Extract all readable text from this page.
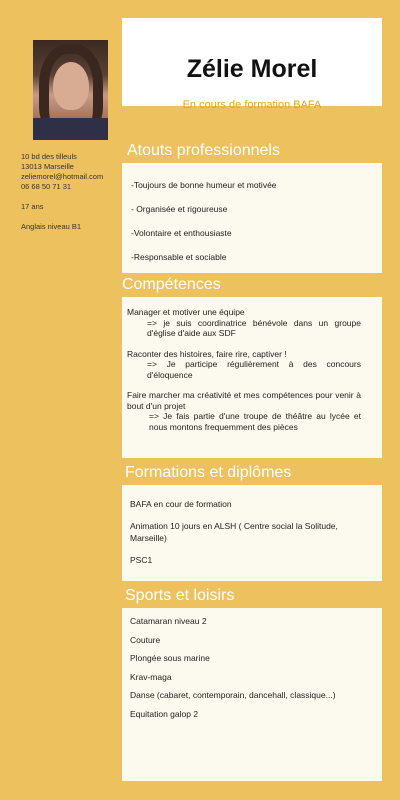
10 bd des tilleuls
13013 Marseille
zeliemorel@hotmail.com
06 68 50 71 31
17 ans
Anglais niveau B1
Zélie Morel
En cours de formation BAFA
Atouts professionnels

-Toujours de bonne humeur et motivée

- Organisée et rigoureuse

-Volontaire et enthousiaste

-Responsable et sociable

Compétences

Manager et motiver une équipe

=> je suis coordinatrice bénévole dans un groupe d'église d'aide aux SDF

Raconter des histoires, faire rire, captiver !

=> Je participe régulièrement à des concours d'éloquence

Faire marcher ma créativité et mes compétences pour venir à bout d'un projet

=> Je fais partie d'une troupe de théâtre au lycée et nous montons frequemment des pièces

Formations et diplômes

BAFA en cour de formation

Animation 10 jours en ALSH ( Centre social la Solitude, Marseille)

PSC1

Sports et loisirs

Catamaran niveau 2

Couture

Plongée sous marine

Krav-maga

Danse (cabaret, contemporain, dancehall, classique...)

Equitation galop 2
